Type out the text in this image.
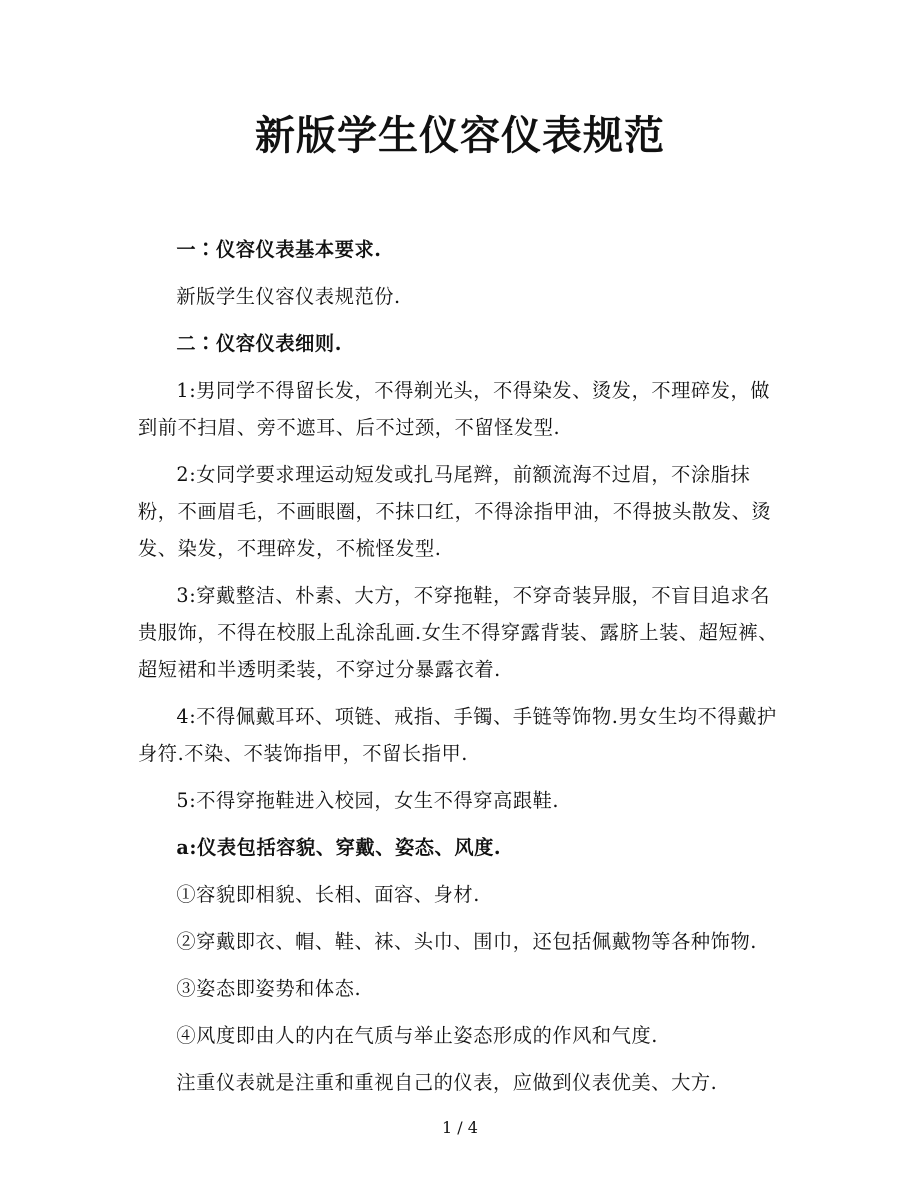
新版学生仪容仪表规范

一∶仪容仪表基本要求.

新版学生仪容仪表规范份.

二∶仪容仪表细则.

1:男同学不得留长发，不得剃光头，不得染发、烫发，不理碎发，做到前不扫眉、旁不遮耳、后不过颈，不留怪发型.

2:女同学要求理运动短发或扎马尾辫，前额流海不过眉，不涂脂抹粉，不画眉毛，不画眼圈，不抹口红，不得涂指甲油，不得披头散发、烫发、染发，不理碎发，不梳怪发型.

3:穿戴整洁、朴素、大方，不穿拖鞋，不穿奇装异服，不盲目追求名贵服饰，不得在校服上乱涂乱画.女生不得穿露背装、露脐上装、超短裤、超短裙和半透明柔装，不穿过分暴露衣着.

4:不得佩戴耳环、项链、戒指、手镯、手链等饰物.男女生均不得戴护身符.不染、不装饰指甲，不留长指甲.

5:不得穿拖鞋进入校园，女生不得穿高跟鞋.

a:仪表包括容貌、穿戴、姿态、风度.

①容貌即相貌、长相、面容、身材.

②穿戴即衣、帽、鞋、袜、头巾、围巾，还包括佩戴物等各种饰物.

③姿态即姿势和体态.

④风度即由人的内在气质与举止姿态形成的作风和气度.

注重仪表就是注重和重视自己的仪表，应做到仪表优美、大方.

1 / 4
